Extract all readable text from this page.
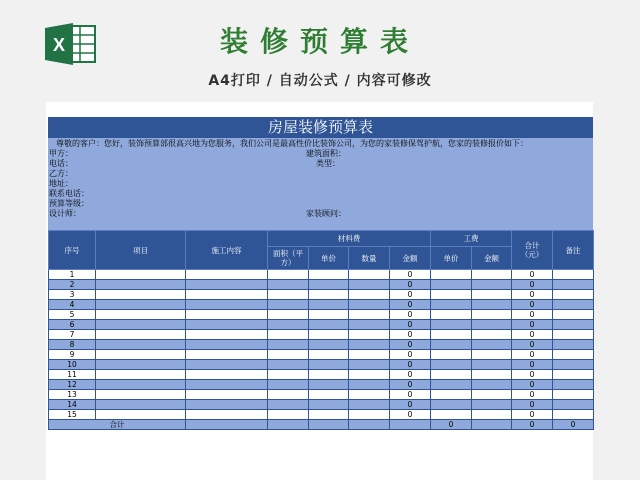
X	装修预算表
A4打印 / 自动公式 / 内容可修改
房屋装修预算表
尊敬的客户：您好，装饰预算部很高兴地为您服务，我们公司是最高性价比装饰公司，为您的家装修保驾护航，您家的装修报价如下：
甲方：	建筑面积：
电话：	类型：
乙方：
地址：
联系电话：
预算等级：
设计师：	家装顾问：
序号	项目	施工内容	材料费				工费		合计（元）	备注	
			面积（平方）	单价	数量	金额	单价	金额			
1						0			0		
2						0			0		
3						0			0		
4						0			0		
5						0			0		
6						0			0		
7						0			0		
8						0			0		
9						0			0		
10						0			0		
11						0			0		
12						0			0		
13						0			0		
14						0			0		
15						0			0		
合计							0		0	0	
